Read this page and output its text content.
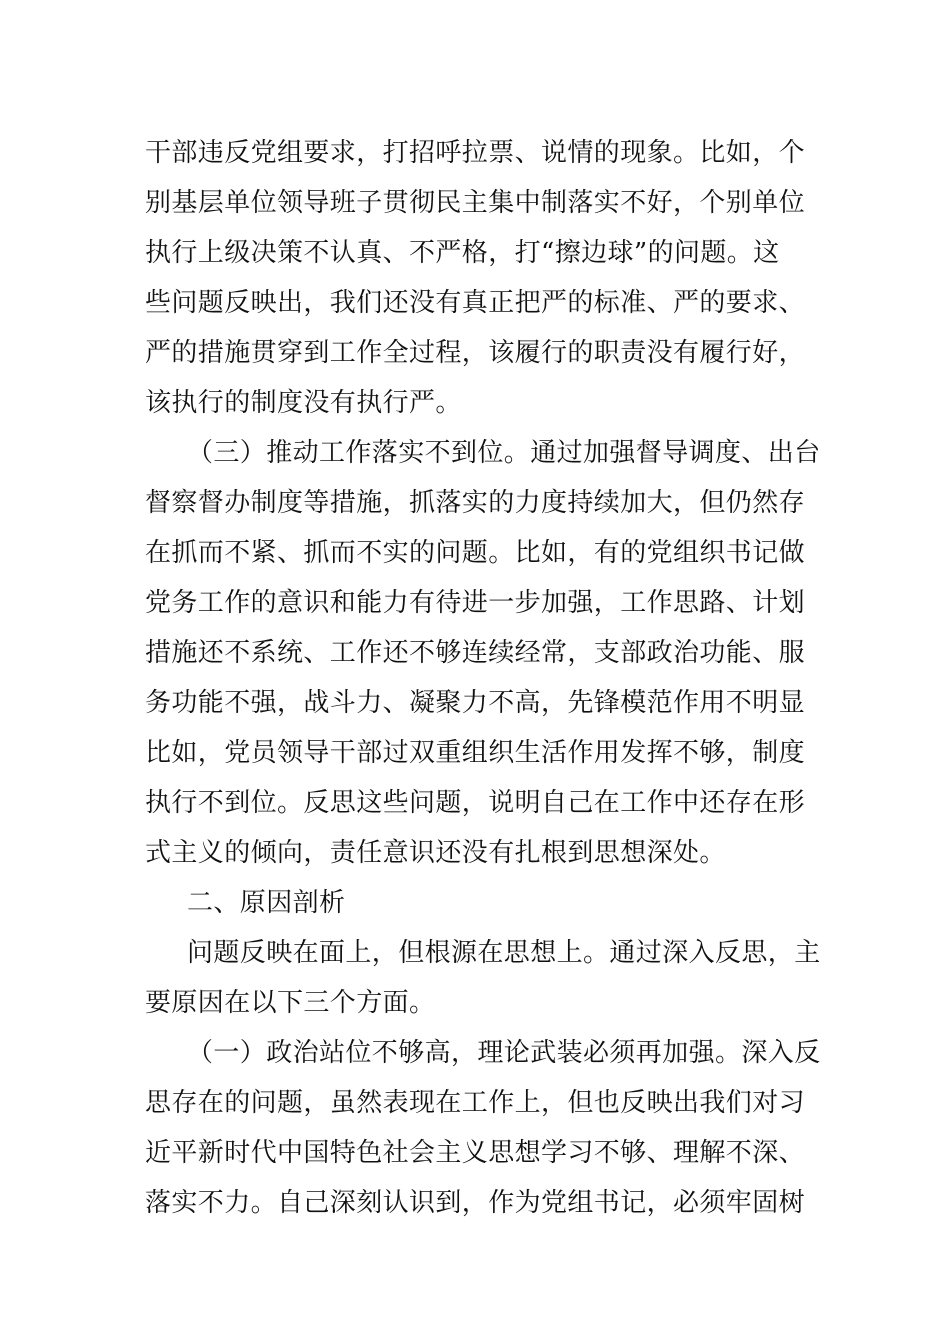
干部违反党组要求，打招呼拉票、说情的现象。比如，个
别基层单位领导班子贯彻民主集中制落实不好，个别单位
执行上级决策不认真、不严格，打“擦边球”的问题。这
些问题反映出，我们还没有真正把严的标准、严的要求、
严的措施贯穿到工作全过程，该履行的职责没有履行好，
该执行的制度没有执行严。
（三）推动工作落实不到位。通过加强督导调度、出台
督察督办制度等措施，抓落实的力度持续加大，但仍然存
在抓而不紧、抓而不实的问题。比如，有的党组织书记做
党务工作的意识和能力有待进一步加强，工作思路、计划
措施还不系统、工作还不够连续经常，支部政治功能、服
务功能不强，战斗力、凝聚力不高，先锋模范作用不明显
比如，党员领导干部过双重组织生活作用发挥不够，制度
执行不到位。反思这些问题，说明自己在工作中还存在形
式主义的倾向，责任意识还没有扎根到思想深处。
二、原因剖析
问题反映在面上，但根源在思想上。通过深入反思，主
要原因在以下三个方面。
（一）政治站位不够高，理论武装必须再加强。深入反
思存在的问题，虽然表现在工作上，但也反映出我们对习
近平新时代中国特色社会主义思想学习不够、理解不深、
落实不力。自己深刻认识到，作为党组书记，必须牢固树
